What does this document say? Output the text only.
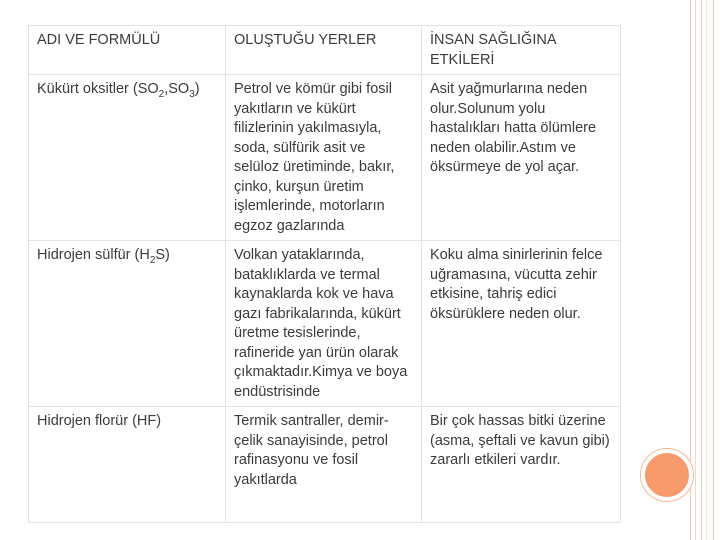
ADI VE FORMÜLÜ	OLUŞTUĞU YERLER	İNSAN SAĞLIĞINA ETKİLERİ
Kükürt oksitler $(SO_2,SO_3)$	Petrol ve kömür gibi fosil yakıtların ve kükürt filizlerinin yakılmasıyla, soda, sülfürik asit ve selüloz üretiminde, bakır, çinko, kurşun üretim işlemlerinde, motorların egzoz gazlarında	Asit yağmurlarına neden olur.Solunum yolu hastalıkları hatta ölümlere neden olabilir.Astım ve öksürmeye de yol açar.
Hidrojen sülfür $(H_2S)$	Volkan yataklarında, bataklıklarda ve termal kaynaklarda kok ve hava gazı fabrikalarında, kükürt üretme tesislerinde, rafineride yan ürün olarak çıkmaktadır.Kimya ve boya endüstrisinde	Koku alma sinirlerinin felce uğramasına, vücutta zehir etkisine, tahriş edici öksürüklere neden olur.
Hidrojen florür (HF)	Termik santraller, demir-çelik sanayisinde, petrol rafinasyonu ve fosil yakıtlarda	Bir çok hassas bitki üzerine (asma, şeftali ve kavun gibi) zararlı etkileri vardır.
